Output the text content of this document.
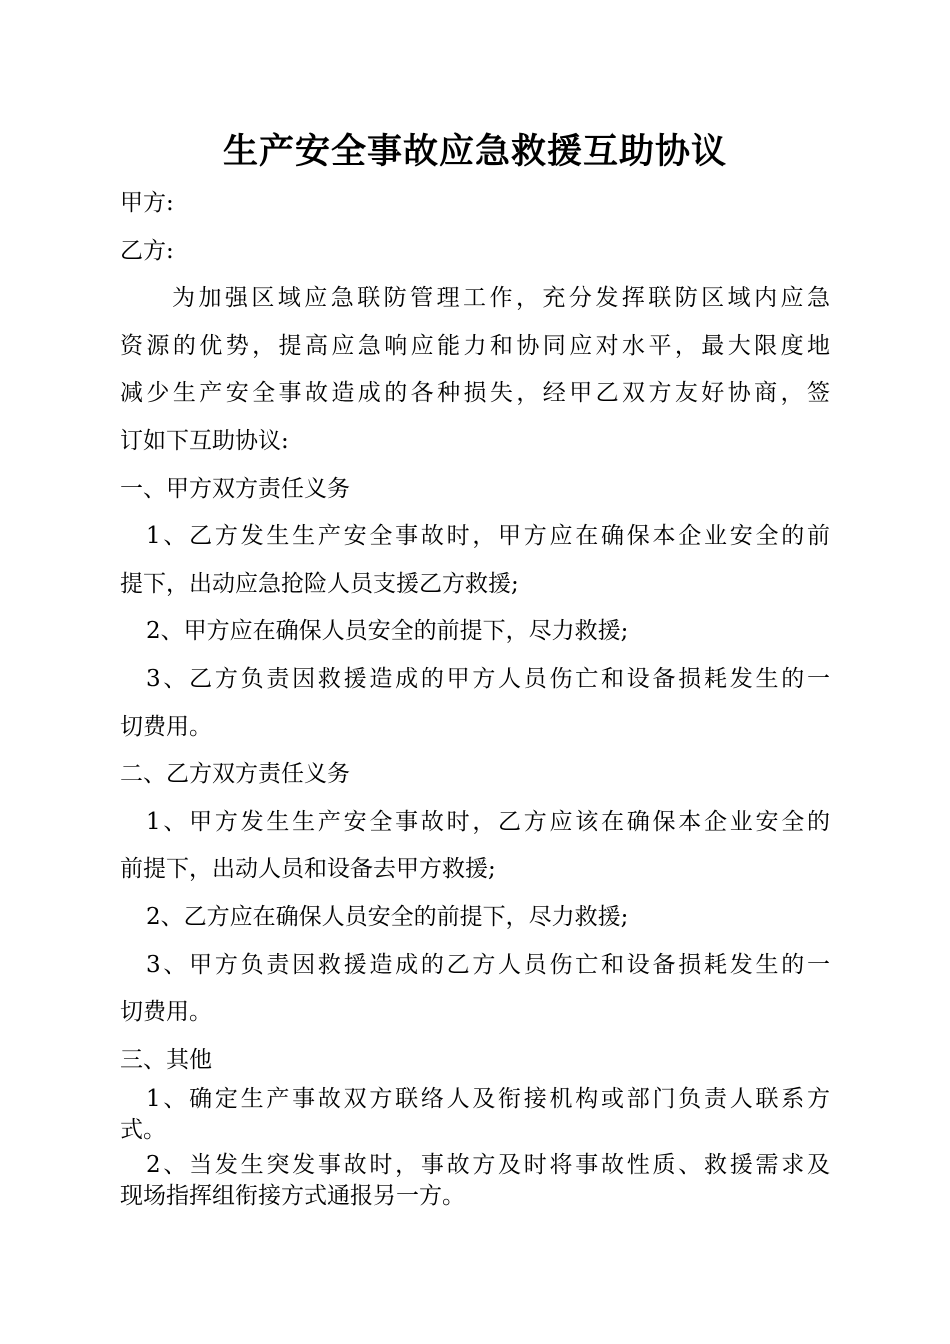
生产安全事故应急救援互助协议
甲方:
乙方:
为加强区域应急联防管理工作，充分发挥联防区域内应急
资源的优势，提高应急响应能力和协同应对水平，最大限度地
减少生产安全事故造成的各种损失，经甲乙双方友好协商，签
订如下互助协议:
一、甲方双方责任义务
1、乙方发生生产安全事故时，甲方应在确保本企业安全的前
提下，出动应急抢险人员支援乙方救援;
2、甲方应在确保人员安全的前提下，尽力救援;
3、乙方负责因救援造成的甲方人员伤亡和设备损耗发生的一
切费用。
二、乙方双方责任义务
1、甲方发生生产安全事故时，乙方应该在确保本企业安全的
前提下，出动人员和设备去甲方救援;
2、乙方应在确保人员安全的前提下，尽力救援;
3、甲方负责因救援造成的乙方人员伤亡和设备损耗发生的一
切费用。
三、其他
1、确定生产事故双方联络人及衔接机构或部门负责人联系方
式。
2、当发生突发事故时，事故方及时将事故性质、救援需求及
现场指挥组衔接方式通报另一方。
